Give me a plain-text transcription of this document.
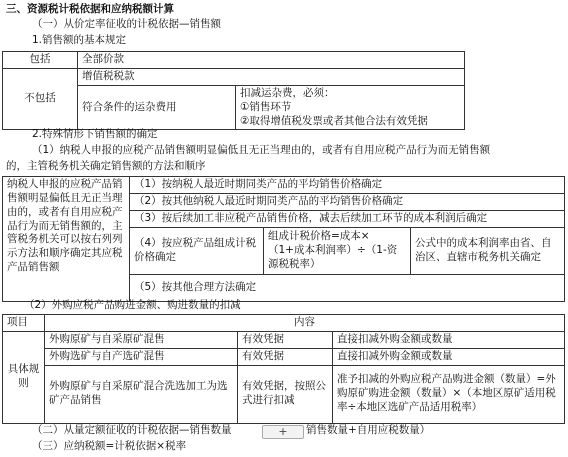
三、资源税计税依据和应纳税额计算
（一）从价定率征收的计税依据—销售额
1.销售额的基本规定
包括	全部价款	
不包括	增值税税款	
	符合条件的运杂费用	扣减运杂费，必须：
①销售环节
②取得增值税发票或者其他合法有效凭据
2.特殊情形下销售额的确定
（1）纳税人申报的应税产品销售额明显偏低且无正当理由的，或者有自用应税产品行为而无销售额
的，主管税务机关确定销售额的方法和顺序
纳税人申报的应税产品销售额明显偏低且无正当理由的，或者有自用应税产品行为而无销售额的，主管税务机关可以按右列列示方法和顺序确定其应税产品销售额	（1）按纳税人最近时期同类产品的平均销售价格确定		
	（2）按其他纳税人最近时期同类产品的平均销售价格确定		
	（3）按后续加工非应税产品销售价格，减去后续加工环节的成本利润后确定		
	（4）按应税产品组成计税价格确定	组成计税价格=成本×（1+成本利润率）÷（1-资源税税率）	公式中的成本利润率由省、自治区、直辖市税务机关确定
	（5）按其他合理方法确定		
（2）外购应税产品购进金额、购进数量的扣减
项目	内容		
具体规则	外购原矿与自采原矿混售	有效凭据	直接扣减外购金额或数量
	外购选矿与自产选矿混售	有效凭据	直接扣减外购金额或数量
	外购原矿与自采原矿混合洗选加工为选矿产品销售	有效凭据，按照公式进行扣减	准予扣减的外购应税产品购进金额（数量）=外购原矿购进金额（数量）×（本地区原矿适用税率÷本地区选矿产品适用税率）
（二）从量定额征收的计税依据—销售数量	+	销售数量+自用应税数量）
（三）应纳税额=计税依据×税率
